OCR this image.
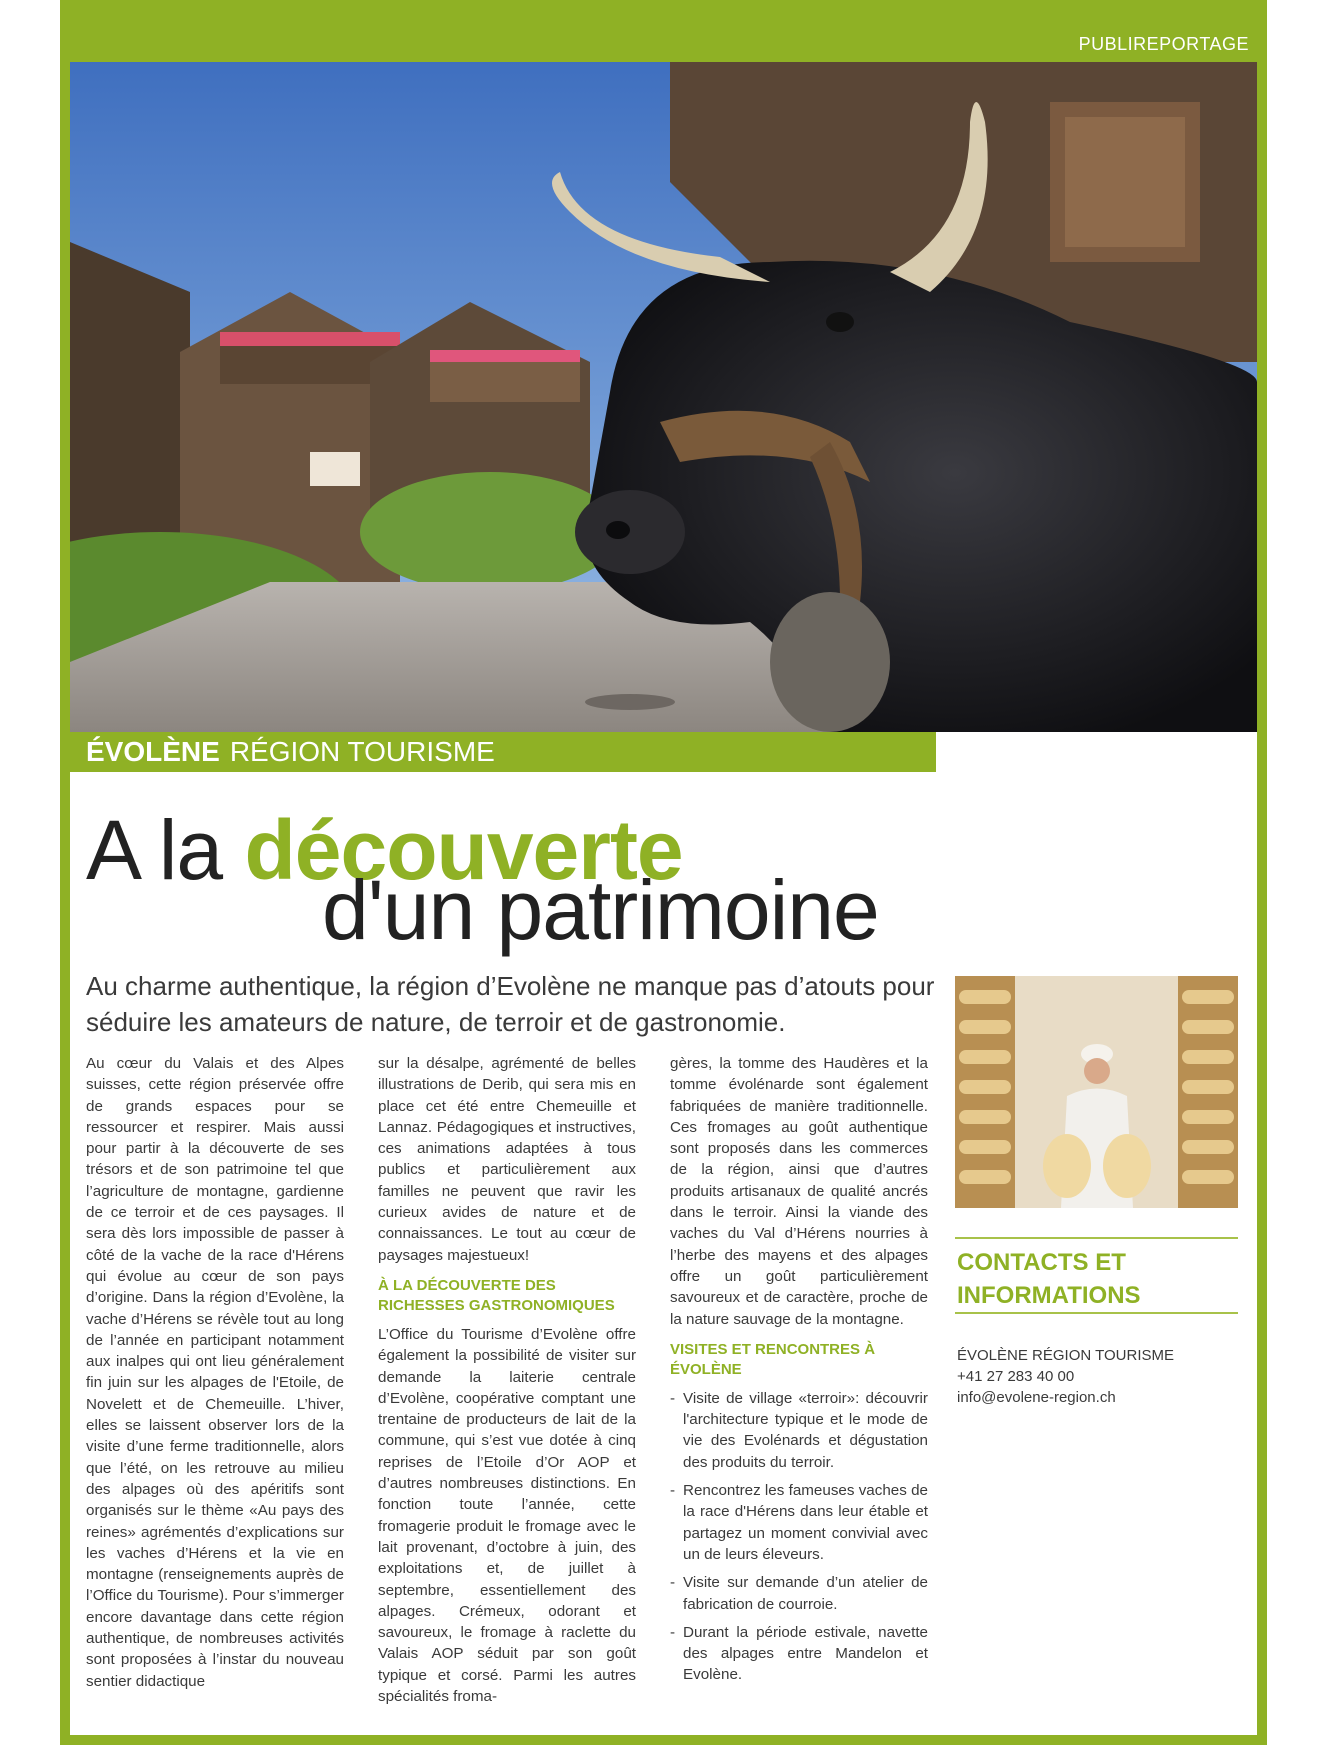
PUBLIREPORTAGE
ÉVOLÈNE RÉGION TOURISME
A la découverte
d'un patrimoine
Au charme authentique, la région d’Evolène ne manque pas d’atouts pour séduire les amateurs de nature, de terroir et de gastronomie.

Au cœur du Valais et des Alpes suisses, cette région préservée offre de grands espaces pour se ressourcer et respirer. Mais aussi pour partir à la découverte de ses trésors et de son patrimoine tel que l’agriculture de montagne, gardienne de ce terroir et de ces paysages. Il sera dès lors impossible de passer à côté de la vache de la race d'Hérens qui évolue au cœur de son pays d’origine. Dans la région d’Evolène, la vache d’Hérens se révèle tout au long de l’année en participant notamment aux inalpes qui ont lieu généralement fin juin sur les alpages de l'Etoile, de Novelett et de Chemeuille. L’hiver, elles se laissent observer lors de la visite d’une ferme traditionnelle, alors que l’été, on les retrouve au milieu des alpages où des apéritifs sont organisés sur le thème «Au pays des reines» agrémentés d’explications sur les vaches d’Hérens et la vie en montagne (renseignements auprès de l’Office du Tourisme). Pour s’immerger encore davantage dans cette région authentique, de nombreuses activités sont proposées à l’instar du nouveau sentier didactique

sur la désalpe, agrémenté de belles illustrations de Derib, qui sera mis en place cet été entre Chemeuille et Lannaz. Pédagogiques et instructives, ces animations adaptées à tous publics et particulièrement aux familles ne peuvent que ravir les curieux avides de nature et de connaissances. Le tout au cœur de paysages majestueux!

À LA DÉCOUVERTE DES RICHESSES GASTRONOMIQUES

L’Office du Tourisme d’Evolène offre également la possibilité de visiter sur demande la laiterie centrale d’Evolène, coopérative comptant une trentaine de producteurs de lait de la commune, qui s’est vue dotée à cinq reprises de l’Etoile d’Or AOP et d’autres nombreuses distinctions. En fonction toute l’année, cette fromagerie produit le fromage avec le lait provenant, d’octobre à juin, des exploitations et, de juillet à septembre, essentiellement des alpages. Crémeux, odorant et savoureux, le fromage à raclette du Valais AOP séduit par son goût typique et corsé. Parmi les autres spécialités froma-

gères, la tomme des Haudères et la tomme évolénarde sont également fabriquées de manière traditionnelle. Ces fromages au goût authentique sont proposés dans les commerces de la région, ainsi que d’autres produits artisanaux de qualité ancrés dans le terroir. Ainsi la viande des vaches du Val d’Hérens nourries à l’herbe des mayens et des alpages offre un goût particulièrement savoureux et de caractère, proche de la nature sauvage de la montagne.

VISITES ET RENCONTRES À ÉVOLÈNE
- Visite de village «terroir»: découvrir l'architecture typique et le mode de vie des Evolénards et dégustation des produits du terroir.
- Rencontrez les fameuses vaches de la race d'Hérens dans leur étable et partagez un moment convivial avec un de leurs éleveurs.
- Visite sur demande d’un atelier de fabrication de courroie.
- Durant la période estivale, navette des alpages entre Mandelon et Evolène.
CONTACTS ET INFORMATIONS
ÉVOLÈNE RÉGION TOURISME
+41 27 283 40 00
info@evolene-region.ch
